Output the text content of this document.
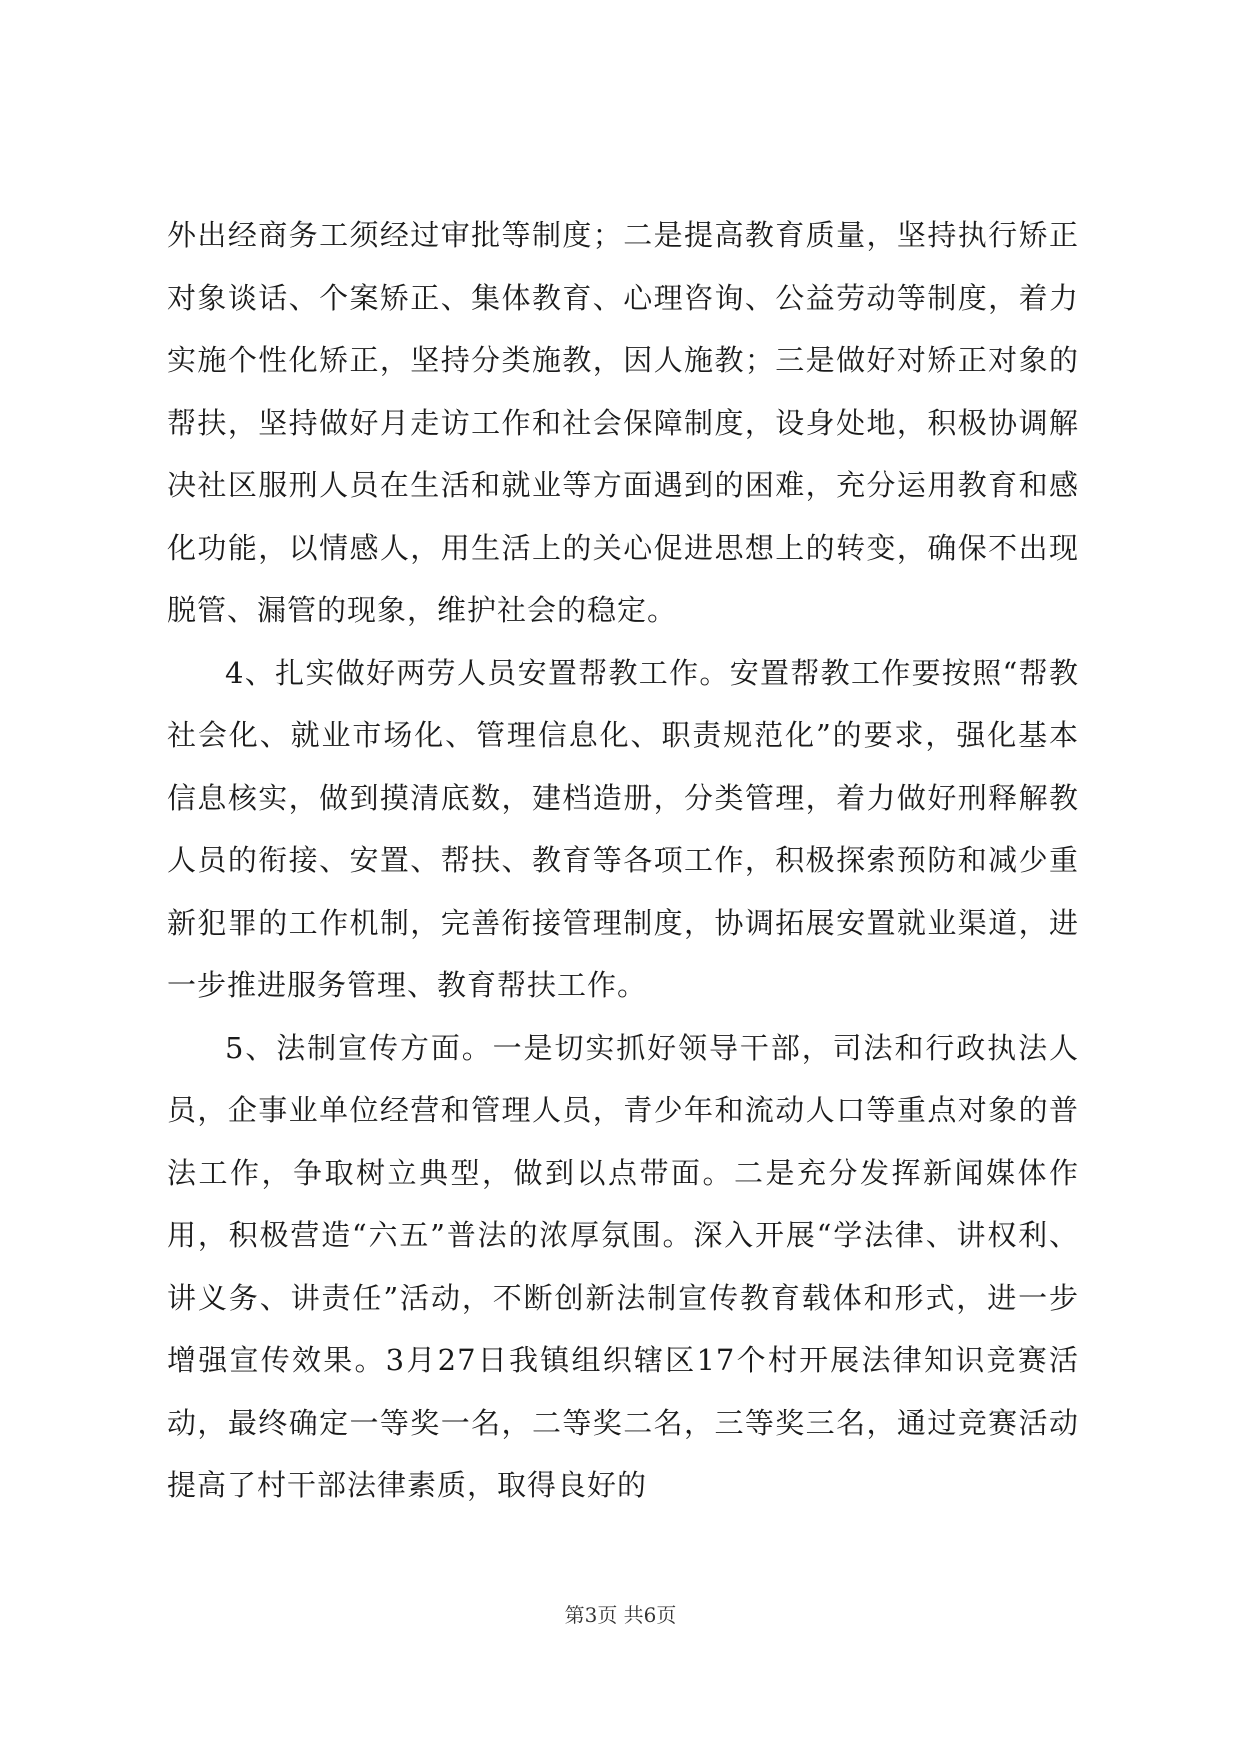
外出经商务工须经过审批等制度；二是提高教育质量，坚持执行矫正对象谈话、个案矫正、集体教育、心理咨询、公益劳动等制度，着力实施个性化矫正，坚持分类施教，因人施教；三是做好对矫正对象的帮扶，坚持做好月走访工作和社会保障制度，设身处地，积极协调解决社区服刑人员在生活和就业等方面遇到的困难，充分运用教育和感化功能，以情感人，用生活上的关心促进思想上的转变，确保不出现脱管、漏管的现象，维护社会的稳定。

4、扎实做好两劳人员安置帮教工作。安置帮教工作要按照“帮教社会化、就业市场化、管理信息化、职责规范化”的要求，强化基本信息核实，做到摸清底数，建档造册，分类管理，着力做好刑释解教人员的衔接、安置、帮扶、教育等各项工作，积极探索预防和减少重新犯罪的工作机制，完善衔接管理制度，协调拓展安置就业渠道，进一步推进服务管理、教育帮扶工作。

5、法制宣传方面。一是切实抓好领导干部，司法和行政执法人员，企事业单位经营和管理人员，青少年和流动人口等重点对象的普法工作，争取树立典型，做到以点带面。二是充分发挥新闻媒体作用，积极营造“六五”普法的浓厚氛围。深入开展“学法律、讲权利、讲义务、讲责任”活动，不断创新法制宣传教育载体和形式，进一步增强宣传效果。3月27日我镇组织辖区17个村开展法律知识竞赛活动，最终确定一等奖一名，二等奖二名，三等奖三名，通过竞赛活动提高了村干部法律素质，取得良好的

第3页 共6页
